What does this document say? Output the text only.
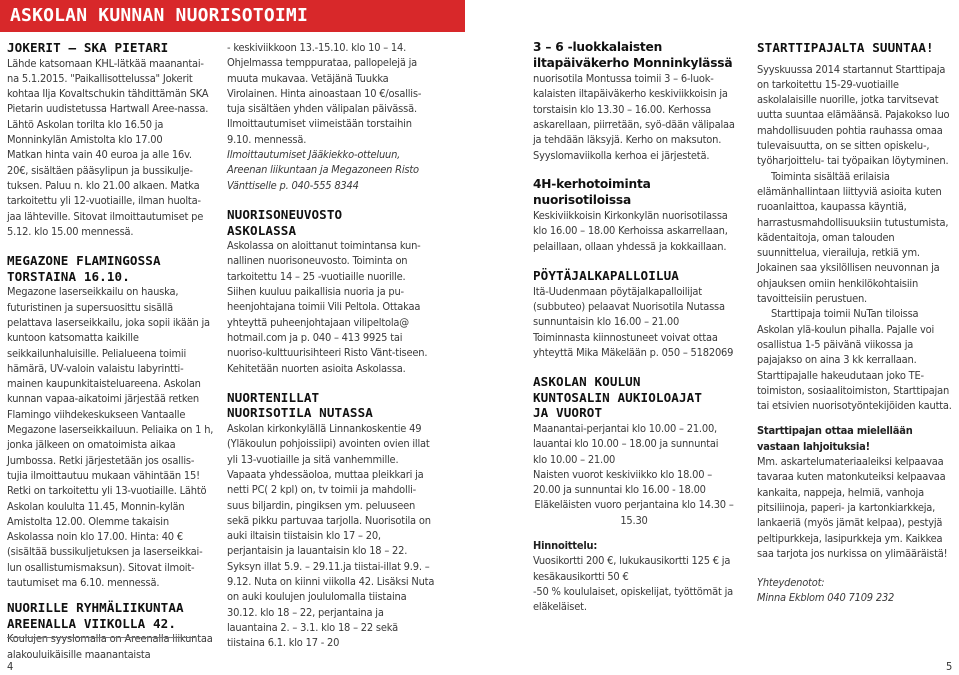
ASKOLAN KUNNAN NUORISOTOIMI

JOKERIT – SKA PIETARI

Lähde katsomaan KHL-lätkää maanantai-na 5.1.2015. "Paikallisottelussa" Jokerit kohtaa Ilja Kovaltschukin tähdittämän SKA Pietarin uudistetussa Hartwall Aree-nassa. Lähtö Askolan torilta klo 16.50 ja Monninkylän Amistolta klo 17.00

Matkan hinta vain 40 euroa ja alle 16v. 20€, sisältäen pääsylipun ja bussikulje-tuksen. Paluu n. klo 21.00 alkaen. Matka tarkoitettu yli 12-vuotiaille, ilman huolta-jaa lähteville. Sitovat ilmoittautumiset pe 5.12. klo 15.00 mennessä.

MEGAZONE FLAMINGOSSA

TORSTAINA 16.10.

Megazone laserseikkailu on hauska, futuristinen ja supersuosittu sisällä pelattava laserseikkailu, joka sopii ikään ja kuntoon katsomatta kaikille seikkailunhaluisille. Pelialueena toimii hämärä, UV-valoin valaistu labyrintti-mainen kaupunkitaisteluareena. Askolan kunnan vapaa-aikatoimi järjestää retken Flamingo viihdekeskukseen Vantaalle Megazone laserseikkailuun. Peliaika on 1 h, jonka jälkeen on omatoimista aikaa Jumbossa. Retki järjestetään jos osallis-tujia ilmoittautuu mukaan vähintään 15! Retki on tarkoitettu yli 13-vuotiaille. Lähtö Askolan koululta 11.45, Monnin-kylän Amistolta 12.00. Olemme takaisin Askolassa noin klo 17.00. Hinta: 40 € (sisältää bussikuljetuksen ja laserseikkai-lun osallistumismaksun). Sitovat ilmoit-tautumiset ma 6.10. mennessä.

NUORILLE RYHMÄLIIKUNTAA

AREENALLA VIIKOLLA 42.

Koulujen syyslomalla on Areenalla liikuntaa alakouluikäisille maanantaista

- keskiviikkoon 13.-15.10. klo 10 – 14. Ohjelmassa temppurataa, pallopelejä ja muuta mukavaa. Vetäjänä Tuukka Virolainen. Hinta ainoastaan 10 €/osallis-tuja sisältäen yhden välipalan päivässä. Ilmoittautumiset viimeistään torstaihin 9.10. mennessä.

Ilmoittautumiset Jääkiekko-otteluun, Areenan liikuntaan ja Megazoneen Risto Vänttiselle p. 040-555 8344

NUORISONEUVOSTO

ASKOLASSA

Askolassa on aloittanut toimintansa kun-nallinen nuorisoneuvosto. Toiminta on tarkoitettu 14 – 25 -vuotiaille nuorille. Siihen kuuluu paikallisia nuoria ja pu-heenjohtajana toimii Vili Peltola. Ottakaa yhteyttä puheenjohtajaan vilipeltola@ hotmail.com ja p. 040 – 413 9925 tai nuoriso-kulttuurisihteeri Risto Vänt-tiseen. Kehitetään nuorten asioita Askolassa.

NUORTENILLAT

NUORISOTILA NUTASSA

Askolan kirkonkylällä Linnankoskentie 49 (Yläkoulun pohjoissiipi) avointen ovien illat yli 13-vuotiaille ja sitä vanhemmille. Vapaata yhdessäoloa, muttaa pleikkari ja netti PC( 2 kpl) on, tv toimii ja mahdolli-suus biljardin, pingiksen ym. peluuseen sekä pikku partuvaa tarjolla. Nuorisotila on auki iltaisin tiistaisin klo 17 – 20, perjantaisin ja lauantaisin klo 18 – 22. Syksyn illat 5.9. – 29.11.ja tiistai-illat 9.9. – 9.12. Nuta on kiinni viikolla 42. Lisäksi Nuta on auki koulujen joululomalla tiistaina 30.12. klo 18 – 22, perjantaina ja lauantaina 2. – 3.1. klo 18 – 22 sekä tiistaina 6.1. klo 17 - 20

3 – 6 -luokkalaisten

iltapäiväkerho Monninkylässä

nuorisotila Montussa toimii 3 – 6-luok-kalaisten iltapäiväkerho keskiviikkoisin ja torstaisin klo 13.30 – 16.00. Kerhossa askarellaan, piirretään, syö-dään välipalaa ja tehdään läksyjä. Kerho on maksuton. Syyslomaviikolla kerhoa ei järjestetä.

4H-kerhotoiminta nuorisotiloissa

Keskiviikkoisin Kirkonkylän nuorisotilassa klo 16.00 – 18.00 Kerhoissa askarrellaan, pelaillaan, ollaan yhdessä ja kokkaillaan.

PÖYTÄJALKAPALLOILUA

Itä-Uudenmaan pöytäjalkapalloilijat (subbuteo) pelaavat Nuorisotila Nutassa sunnuntaisin klo 16.00 – 21.00 Toiminnasta kiinnostuneet voivat ottaa yhteyttä Mika Mäkelään p. 050 – 5182069

ASKOLAN KOULUN

KUNTOSALIN AUKIOLOAJAT

JA VUOROT

Maanantai-perjantai klo 10.00 – 21.00, lauantai klo 10.00 – 18.00 ja sunnuntai klo 10.00 – 21.00

Naisten vuorot keskiviikko klo 18.00 – 20.00 ja sunnuntai klo 16.00 - 18.00

Eläkeläisten vuoro perjantaina klo 14.30 – 15.30

Hinnoittelu:

Vuosikortti 200 €, lukukausikortti 125 € ja kesäkausikortti 50 €

-50 % koululaiset, opiskelijat, työttömät ja eläkeläiset.

STARTTIPAJALTA SUUNTAA!

Syyskuussa 2014 startannut Starttipaja on tarkoitettu 15-29-vuotiaille askolalaisille nuorille, jotka tarvitsevat uutta suuntaa elämäänsä. Pajakokso luo mahdollisuuden pohtia rauhassa omaa tulevaisuutta, on se sitten opiskelu-, työharjoittelu- tai työpaikan löytyminen.

Toiminta sisältää erilaisia elämänhallintaan liittyviä asioita kuten ruoanlaittoa, kaupassa käyntiä, harrastusmahdollisuuksiin tutustumista, kädentaitoja, oman talouden suunnittelua, vierailuja, retkiä ym. Jokainen saa yksilöllisen neuvonnan ja ohjauksen omiin henkilökohtaisiin tavoitteisiin perustuen.

Starttipaja toimii NuTan tiloissa Askolan ylä-koulun pihalla. Pajalle voi osallistua 1-5 päivänä viikossa ja pajajakso on aina 3 kk kerrallaan. Starttipajalle hakeudutaan joko TE-toimiston, sosiaalitoimiston, Starttipajan tai etsivien nuorisotyöntekijöiden kautta.

Starttipajan ottaa mielellään vastaan lahjoituksia!

Mm. askartelumateriaaleiksi kelpaavaa tavaraa kuten matonkuteiksi kelpaavaa kankaita, nappeja, helmiä, vanhoja pitsiliinoja, paperi- ja kartonkiarkkeja, lankaeriä (myös jämät kelpaa), pestyjä peltipurkkeja, lasipurkkeja ym. Kaikkea saa tarjota jos nurkissa on ylimääräistä!

Yhteydenotot:

Minna Ekblom 040 7109 232

4	5
